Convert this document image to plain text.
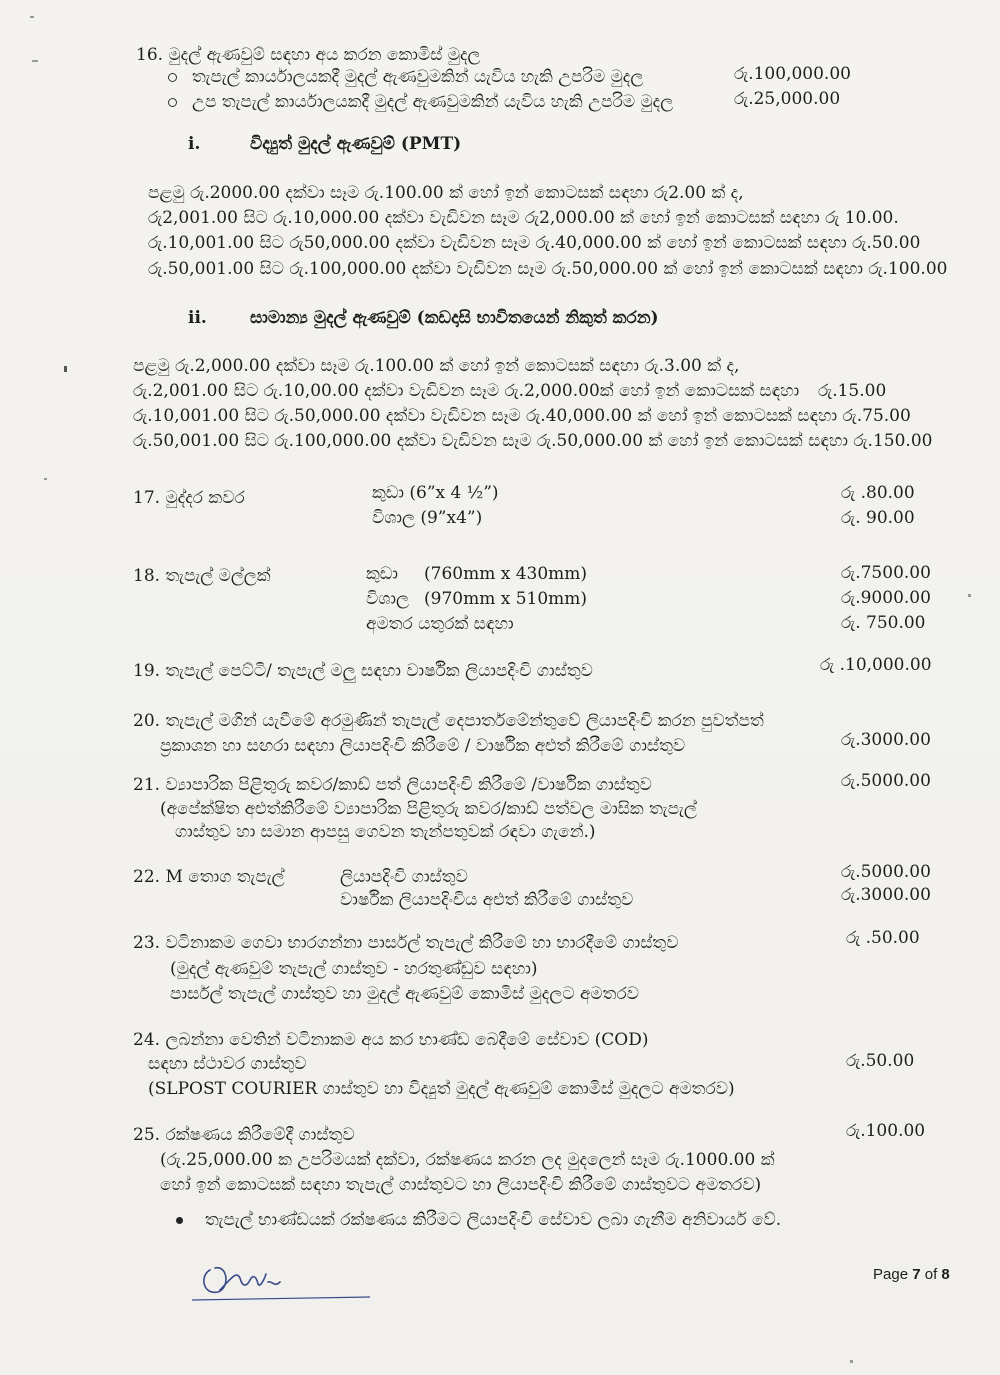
16. මුදල් ඇණවුම් සඳහා අය කරන කොමිස් මුදල
තැපැල් කාර්යාලයකදී මුදල් ඇණවුමකින් යැවිය හැකි උපරිම මුදල	රු.100,000.00
උප තැපැල් කාර්යාලයකදී මුදල් ඇණවුමකින් යැවිය හැකි උපරිම මුදල	රු.25,000.00
i.	විද්‍යුත් මුදල් ඇණවුම් (PMT)
පළමු රු.2000.00 දක්වා සෑම රු.100.00 ක් හෝ ඉන් කොටසක් සඳහා රු2.00 ක් ද,
රු2,001.00 සිට රු.10,000.00 දක්වා වැඩිවන සෑම රු2,000.00 ක් හෝ ඉන් කොටසක් සඳහා රු 10.00.
රු.10,001.00 සිට රු50,000.00 දක්වා වැඩිවන සෑම රු.40,000.00 ක් හෝ ඉන් කොටසක් සඳහා රු.50.00
රු.50,001.00 සිට රු.100,000.00 දක්වා වැඩිවන සෑම රු.50,000.00 ක් හෝ ඉන් කොටසක් සඳහා රු.100.00
ii.	සාමාන්‍ය මුදල් ඇණවුම් (කඩදාසි භාවිතයෙන් නිකුත් කරන)
පළමු රු.2,000.00 දක්වා සෑම රු.100.00 ක් හෝ ඉන් කොටසක් සඳහා රු.3.00 ක් ද,
රු.2,001.00 සිට රු.10,00.00 දක්වා වැඩිවන සෑම රු.2,000.00ක් හෝ ඉන් කොටසක් සඳහා රු.15.00
රු.10,001.00 සිට රු.50,000.00 දක්වා වැඩිවන සෑම රු.40,000.00 ක් හෝ ඉන් කොටසක් සඳහා රු.75.00
රු.50,001.00 සිට රු.100,000.00 දක්වා වැඩිවන සෑම රු.50,000.00 ක් හෝ ඉන් කොටසක් සඳහා රු.150.00
17. මුද්දර කවර	කුඩා (6”x 4 ½”)	රු .80.00
විශාල (9”x4”)	රු. 90.00
18. තැපැල් මල්ලක්	කුඩා (760mm x 430mm)	රු.7500.00
විශාල (970mm x 510mm)	රු.9000.00
අමතර යතුරක් සඳහා	රු. 750.00
19. තැපැල් පෙට්ටි/ තැපැල් මලු සඳහා වාර්ෂික ලියාපදිංචි ගාස්තුව	රු .10,000.00
20. තැපැල් මගින් යැවීමේ අරමුණින් තැපැල් දෙපාර්තමේන්තුවේ ලියාපදිංචි කරන පුවත්පත්
ප්‍රකාශන හා සඟරා සඳහා ලියාපදිංචි කිරීමේ / වාර්ෂික අළුත් කිරීමේ ගාස්තුව	රු.3000.00
21. ව්‍යාපාරික පිළිතුරු කවර/කාඩ් පත් ලියාපදිංචි කිරීමේ /වාර්ෂික ගාස්තුව	රු.5000.00
(අපේක්ෂිත අළුත්කිරීමේ ව්‍යාපාරික පිළිතුරු කවර/කාඩ් පත්වල මාසික තැපැල්
ගාස්තුව හා සමාන ආපසු ගෙවන තැන්පතුවක් රඳවා ගැනේ.)
22. M තොග තැපැල්	ලියාපදිංචි ගාස්තුව	රු.5000.00
වාර්ෂික ලියාපදිංචිය අළුත් කිරීමේ ගාස්තුව	රු.3000.00
23. වටිනාකම ගෙවා භාරගන්නා පාර්සල් තැපැල් කිරීමේ හා භාරදීමේ ගාස්තුව	රු .50.00
(මුදල් ඇණවුම් තැපැල් ගාස්තුව - හරතුණ්ඩුව සඳහා)
පාර්සල් තැපැල් ගාස්තුව හා මුදල් ඇණවුම් කොමිස් මුදලට අමතරව
24. ලබන්නා වෙතින් වටිනාකම අය කර භාණ්ඩ බෙදීමේ සේවාව (COD)
සඳහා ස්ථාවර ගාස්තුව	රු.50.00
(SLPOST COURIER ගාස්තුව හා විද්‍යුත් මුදල් ඇණවුම් කොමිස් මුදලට අමතරව)
25. රක්ෂණය කිරීමේදී ගාස්තුව	රු.100.00
(රු.25,000.00 ක උපරිමයක් දක්වා, රක්ෂණය කරන ලද මුදලෙන් සෑම රු.1000.00 ක්
හෝ ඉන් කොටසක් සඳහා තැපැල් ගාස්තුවට හා ලියාපදිංචි කිරීමේ ගාස්තුවට අමතරව)
තැපැල් භාණ්ඩයක් රක්ෂණය කිරීමට ලියාපදිංචි සේවාව ලබා ගැනීම අනිවාර්ය වේ.
Page 7 of 8
